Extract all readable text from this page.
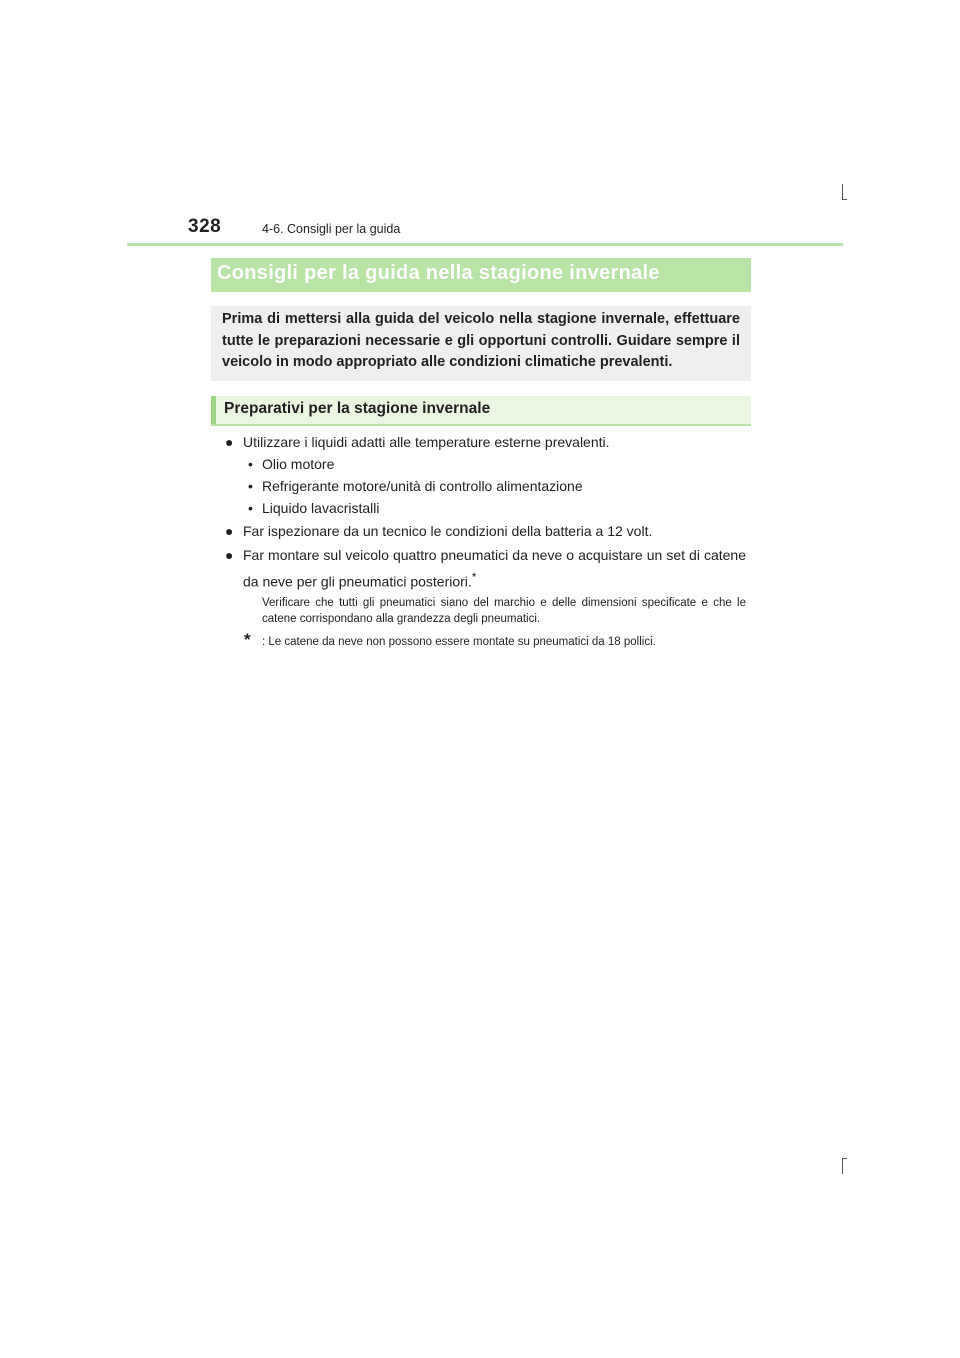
328	4-6. Consigli per la guida
Consigli per la guida nella stagione invernale

Prima di mettersi alla guida del veicolo nella stagione invernale, effettuare tutte le preparazioni necessarie e gli opportuni controlli. Guidare sempre il veicolo in modo appropriato alle condizioni climatiche prevalenti.

Preparativi per la stagione invernale
● Utilizzare i liquidi adatti alle temperature esterne prevalenti.

• Olio motore
• Refrigerante motore/unità di controllo alimentazione
• Liquido lavacristalli
● Far ispezionare da un tecnico le condizioni della batteria a 12 volt.

● Far montare sul veicolo quattro pneumatici da neve o acquistare un set di catene da neve per gli pneumatici posteriori.*

Verificare che tutti gli pneumatici siano del marchio e delle dimensioni specificate e che le catene corrispondano alla grandezza degli pneumatici.

* : Le catene da neve non possono essere montate su pneumatici da 18 pollici.
